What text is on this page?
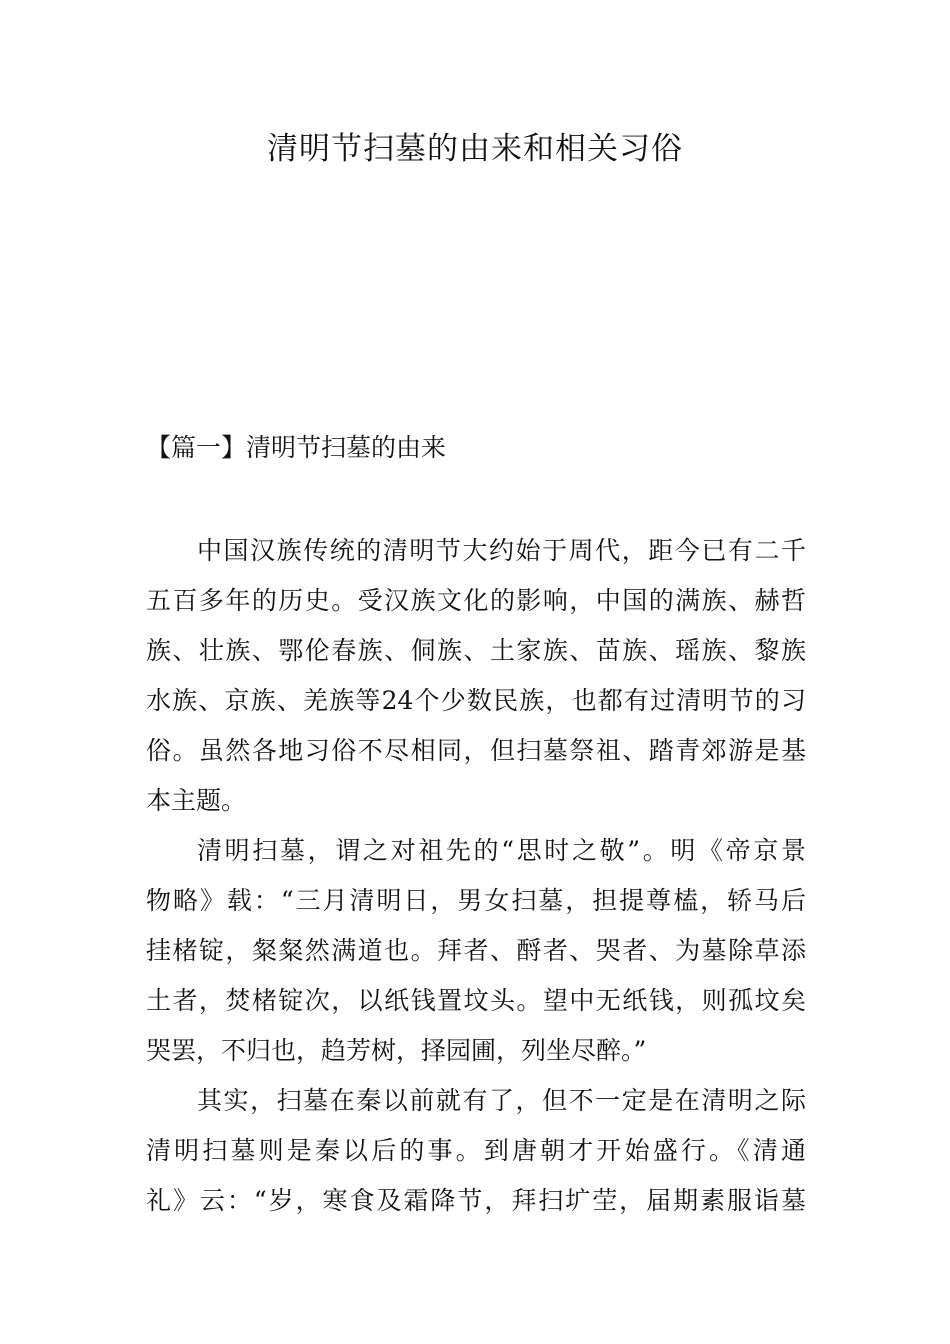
清明节扫墓的由来和相关习俗
【篇一】清明节扫墓的由来
中国汉族传统的清明节大约始于周代，距今已有二千
五百多年的历史。受汉族文化的影响，中国的满族、赫哲
族、壮族、鄂伦春族、侗族、土家族、苗族、瑶族、黎族
水族、京族、羌族等24个少数民族，也都有过清明节的习
俗。虽然各地习俗不尽相同，但扫墓祭祖、踏青郊游是基
本主题。
清明扫墓，谓之对祖先的“思时之敬”。明《帝京景
物略》载：“三月清明日，男女扫墓，担提尊榼，轿马后
挂楮锭，粲粲然满道也。拜者、酹者、哭者、为墓除草添
土者，焚楮锭次，以纸钱置坟头。望中无纸钱，则孤坟矣
哭罢，不归也，趋芳树，择园圃，列坐尽醉。”
其实，扫墓在秦以前就有了，但不一定是在清明之际
清明扫墓则是秦以后的事。到唐朝才开始盛行。《清通
礼》云：“岁，寒食及霜降节，拜扫圹茔，届期素服诣墓
